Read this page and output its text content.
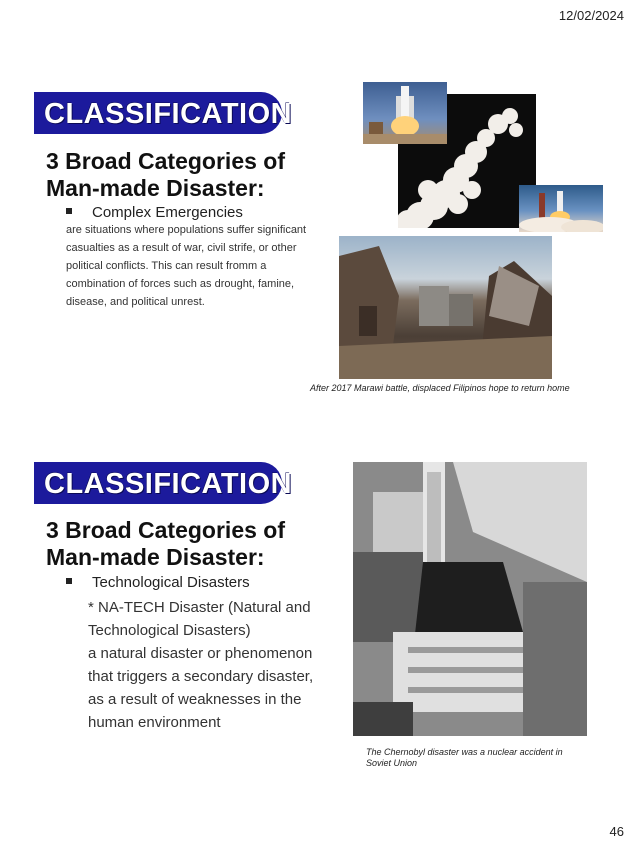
12/02/2024
CLASSIFICATION
3 Broad Categories of
Man-made Disaster:
Complex Emergencies
are situations where populations suffer significant
casualties as a result of war, civil strife, or other
political conflicts. This can result fromm a
combination of forces such as drought, famine,
disease, and political unrest.
After 2017 Marawi battle, displaced Filipinos hope to return home
CLASSIFICATION
3 Broad Categories of
Man-made Disaster:
Technological Disasters
* NA-TECH Disaster (Natural and
Technological Disasters)
a natural disaster or phenomenon
that triggers a secondary disaster,
as a result of weaknesses in the
human environment
The Chernobyl disaster was a nuclear accident in
Soviet Union
46
